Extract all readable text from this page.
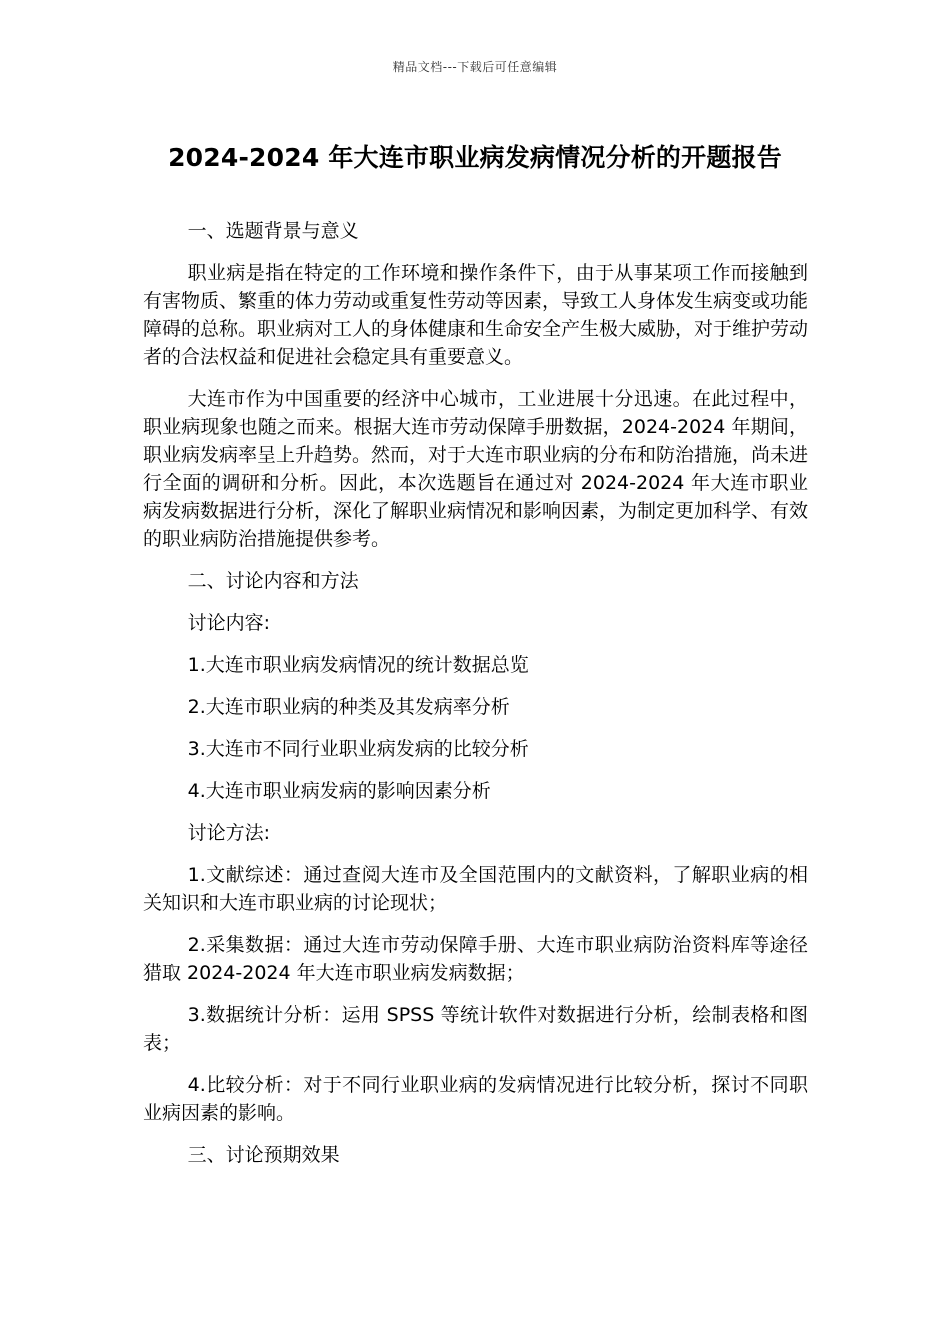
精品文档---下载后可任意编辑
2024-2024 年大连市职业病发病情况分析的开题报告

一、选题背景与意义

职业病是指在特定的工作环境和操作条件下，由于从事某项工作而接触到有害物质、繁重的体力劳动或重复性劳动等因素，导致工人身体发生病变或功能障碍的总称。职业病对工人的身体健康和生命安全产生极大威胁，对于维护劳动者的合法权益和促进社会稳定具有重要意义。

大连市作为中国重要的经济中心城市，工业进展十分迅速。在此过程中，职业病现象也随之而来。根据大连市劳动保障手册数据，2024-2024 年期间，职业病发病率呈上升趋势。然而，对于大连市职业病的分布和防治措施，尚未进行全面的调研和分析。因此，本次选题旨在通过对 2024-2024 年大连市职业病发病数据进行分析，深化了解职业病情况和影响因素，为制定更加科学、有效的职业病防治措施提供参考。

二、讨论内容和方法

讨论内容:

1.大连市职业病发病情况的统计数据总览

2.大连市职业病的种类及其发病率分析

3.大连市不同行业职业病发病的比较分析

4.大连市职业病发病的影响因素分析

讨论方法:

1.文献综述：通过查阅大连市及全国范围内的文献资料，了解职业病的相关知识和大连市职业病的讨论现状；

2.采集数据：通过大连市劳动保障手册、大连市职业病防治资料库等途径猎取 2024-2024 年大连市职业病发病数据；

3.数据统计分析：运用 SPSS 等统计软件对数据进行分析，绘制表格和图表；

4.比较分析：对于不同行业职业病的发病情况进行比较分析，探讨不同职业病因素的影响。

三、讨论预期效果
